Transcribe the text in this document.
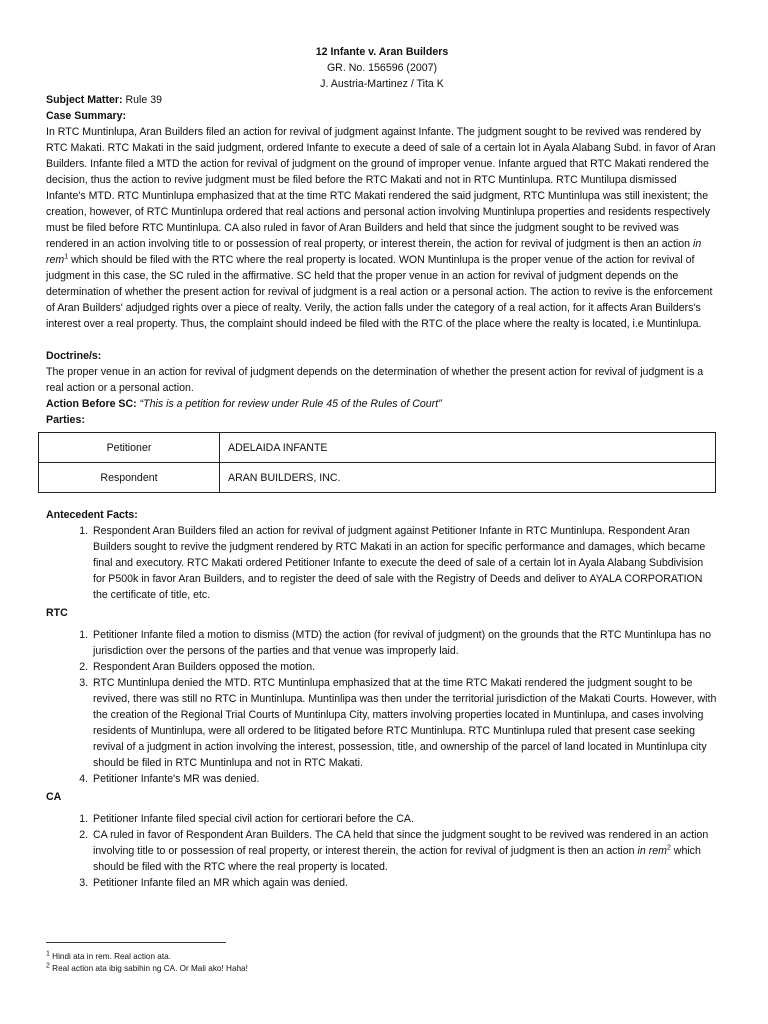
12 Infante v. Aran Builders
GR. No. 156596 (2007)
J. Austria-Martinez / Tita K

Subject Matter: Rule 39

Case Summary:

In RTC Muntinlupa, Aran Builders filed an action for revival of judgment against Infante. The judgment sought to be revived was rendered by RTC Makati. RTC Makati in the said judgment, ordered Infante to execute a deed of sale of a certain lot in Ayala Alabang Subd. in favor of Aran Builders. Infante filed a MTD the action for revival of judgment on the ground of improper venue. Infante argued that RTC Makati rendered the decision, thus the action to revive judgment must be filed before the RTC Makati and not in RTC Muntinlupa. RTC Muntilupa dismissed Infante's MTD. RTC Muntinlupa emphasized that at the time RTC Makati rendered the said judgment, RTC Muntinlupa was still inexistent; the creation, however, of RTC Muntinlupa ordered that real actions and personal action involving Muntinlupa properties and residents respectively must be filed before RTC Muntinlupa. CA also ruled in favor of Aran Builders and held that since the judgment sought to be revived was rendered in an action involving title to or possession of real property, or interest therein, the action for revival of judgment is then an action in rem$^1$ which should be filed with the RTC where the real property is located. WON Muntinlupa is the proper venue of the action for revival of judgment in this case, the SC ruled in the affirmative. SC held that the proper venue in an action for revival of judgment depends on the determination of whether the present action for revival of judgment is a real action or a personal action. The action to revive is the enforcement of Aran Builders' adjudged rights over a piece of realty. Verily, the action falls under the category of a real action, for it affects Aran Builders's interest over a real property. Thus, the complaint should indeed be filed with the RTC of the place where the realty is located, i.e Muntinlupa.

Doctrine/s:

The proper venue in an action for revival of judgment depends on the determination of whether the present action for revival of judgment is a real action or a personal action.

Action Before SC: “This is a petition for review under Rule 45 of the Rules of Court”

Parties:
Petitioner	ADELAIDA INFANTE
Respondent	ARAN BUILDERS, INC.
Antecedent Facts:
1. Respondent Aran Builders filed an action for revival of judgment against Petitioner Infante in RTC Muntinlupa. Respondent Aran Builders sought to revive the judgment rendered by RTC Makati in an action for specific performance and damages, which became final and executory. RTC Makati ordered Petitioner Infante to execute the deed of sale of a certain lot in Ayala Alabang Subdivision for P500k in favor Aran Builders, and to register the deed of sale with the Registry of Deeds and deliver to AYALA CORPORATION the certificate of title, etc.
RTC
1. Petitioner Infante filed a motion to dismiss (MTD) the action (for revival of judgment) on the grounds that the RTC Muntinlupa has no jurisdiction over the persons of the parties and that venue was improperly laid.
2. Respondent Aran Builders opposed the motion.
3. RTC Muntinlupa denied the MTD. RTC Muntinlupa emphasized that at the time RTC Makati rendered the judgment sought to be revived, there was still no RTC in Muntinlupa. Muntinlipa was then under the territorial jurisdiction of the Makati Courts. However, with the creation of the Regional Trial Courts of Muntinlupa City, matters involving properties located in Muntinlupa, and cases involving residents of Muntinlupa, were all ordered to be litigated before RTC Muntinlupa. RTC Muntinlupa ruled that present case seeking revival of a judgment in action involving the interest, possession, title, and ownership of the parcel of land located in Muntinlupa city should be filed in RTC Muntinlupa and not in RTC Makati.
4. Petitioner Infante's MR was denied.
CA
1. Petitioner Infante filed special civil action for certiorari before the CA.
2. CA ruled in favor of Respondent Aran Builders. The CA held that since the judgment sought to be revived was rendered in an action involving title to or possession of real property, or interest therein, the action for revival of judgment is then an action in rem$^2$ which should be filed with the RTC where the real property is located.
3. Petitioner Infante filed an MR which again was denied.
$^1$ Hindi ata in rem. Real action ata.
$^2$ Real action ata ibig sabihin ng CA. Or Mali ako! Haha!
